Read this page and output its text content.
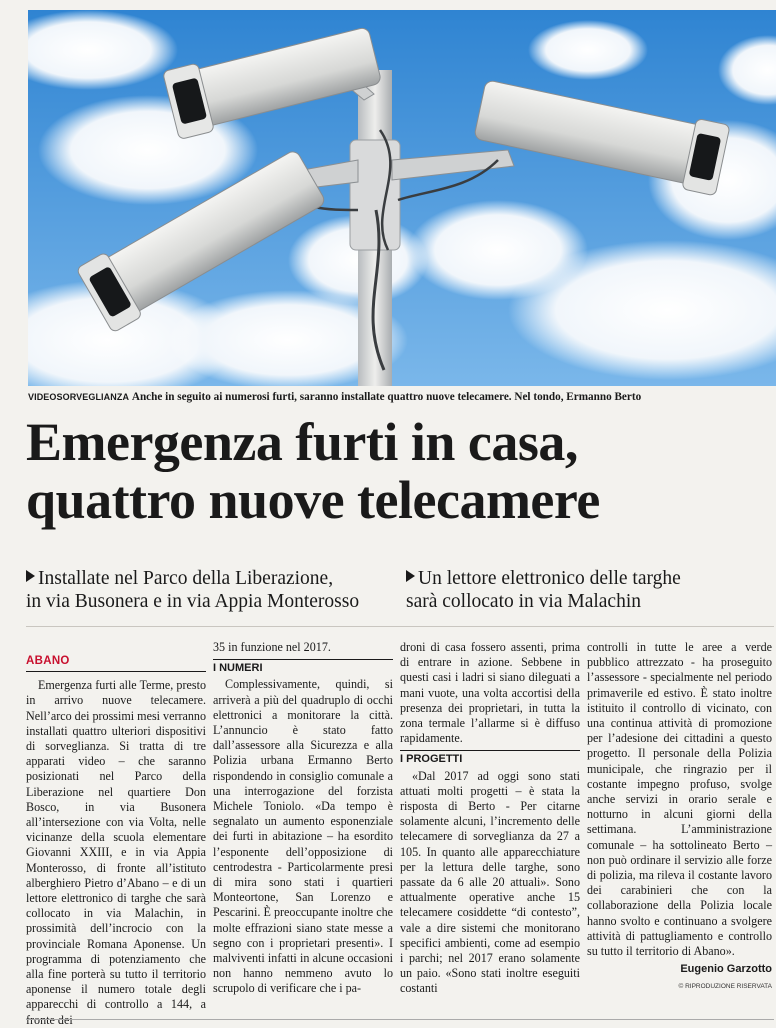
VIDEOSORVEGLIANZA Anche in seguito ai numerosi furti, saranno installate quattro nuove telecamere. Nel tondo, Ermanno Berto
Emergenza furti in casa,
quattro nuove telecamere
Installate nel Parco della Liberazione,
in via Busonera e in via Appia Monterosso
Un lettore elettronico delle targhe
sarà collocato in via Malachin
ABANO

Emergenza furti alle Terme, presto in arrivo nuove telecamere. Nell’arco dei prossimi mesi verranno installati quattro ulteriori dispositivi di sorveglianza. Si tratta di tre apparati video – che saranno posizionati nel Parco della Liberazione nel quartiere Don Bosco, in via Busonera all’intersezione con via Volta, nelle vicinanze della scuola elementare Giovanni XXIII, e in via Appia Monterosso, di fronte all’istituto alberghiero Pietro d’Abano – e di un lettore elettronico di targhe che sarà collocato in via Malachin, in prossimità dell’incrocio con la provinciale Romana Aponense. Un programma di potenziamento che alla fine porterà su tutto il territorio aponense il numero totale degli apparecchi di controllo a 144, a fronte dei

35 in funzione nel 2017.

I NUMERI

Complessivamente, quindi, si arriverà a più del quadruplo di occhi elettronici a monitorare la città. L’annuncio è stato fatto dall’assessore alla Sicurezza e alla Polizia urbana Ermanno Berto rispondendo in consiglio comunale a una interrogazione del forzista Michele Toniolo. «Da tempo è segnalato un aumento esponenziale dei furti in abitazione – ha esordito l’esponente dell’opposizione di centrodestra - Particolarmente presi di mira sono stati i quartieri Monteortone, San Lorenzo e Pescarini. È preoccupante inoltre che molte effrazioni siano state messe a segno con i proprietari presenti». I malviventi infatti in alcune occasioni non hanno nemmeno avuto lo scrupolo di verificare che i pa-

droni di casa fossero assenti, prima di entrare in azione. Sebbene in questi casi i ladri si siano dileguati a mani vuote, una volta accortisi della presenza dei proprietari, in tutta la zona termale l’allarme si è diffuso rapidamente.

I PROGETTI

«Dal 2017 ad oggi sono stati attuati molti progetti – è stata la risposta di Berto - Per citarne solamente alcuni, l’incremento delle telecamere di sorveglianza da 27 a 105. In quanto alle apparecchiature per la lettura delle targhe, sono passate da 6 alle 20 attuali». Sono attualmente operative anche 15 telecamere cosiddette “di contesto”, vale a dire sistemi che monitorano specifici ambienti, come ad esempio i parchi; nel 2017 erano solamente un paio. «Sono stati inoltre eseguiti costanti

controlli in tutte le aree a verde pubblico attrezzato - ha proseguito l’assessore - specialmente nel periodo primaverile ed estivo. È stato inoltre istituito il controllo di vicinato, con una continua attività di promozione per l’adesione dei cittadini a questo progetto. Il personale della Polizia municipale, che ringrazio per il costante impegno profuso, svolge anche servizi in orario serale e notturno in alcuni giorni della settimana. L’amministrazione comunale – ha sottolineato Berto – non può ordinare il servizio alle forze di polizia, ma rileva il costante lavoro dei carabinieri che con la collaborazione della Polizia locale hanno svolto e continuano a svolgere attività di pattugliamento e controllo su tutto il territorio di Abano».

Eugenio Garzotto
© RIPRODUZIONE RISERVATA
